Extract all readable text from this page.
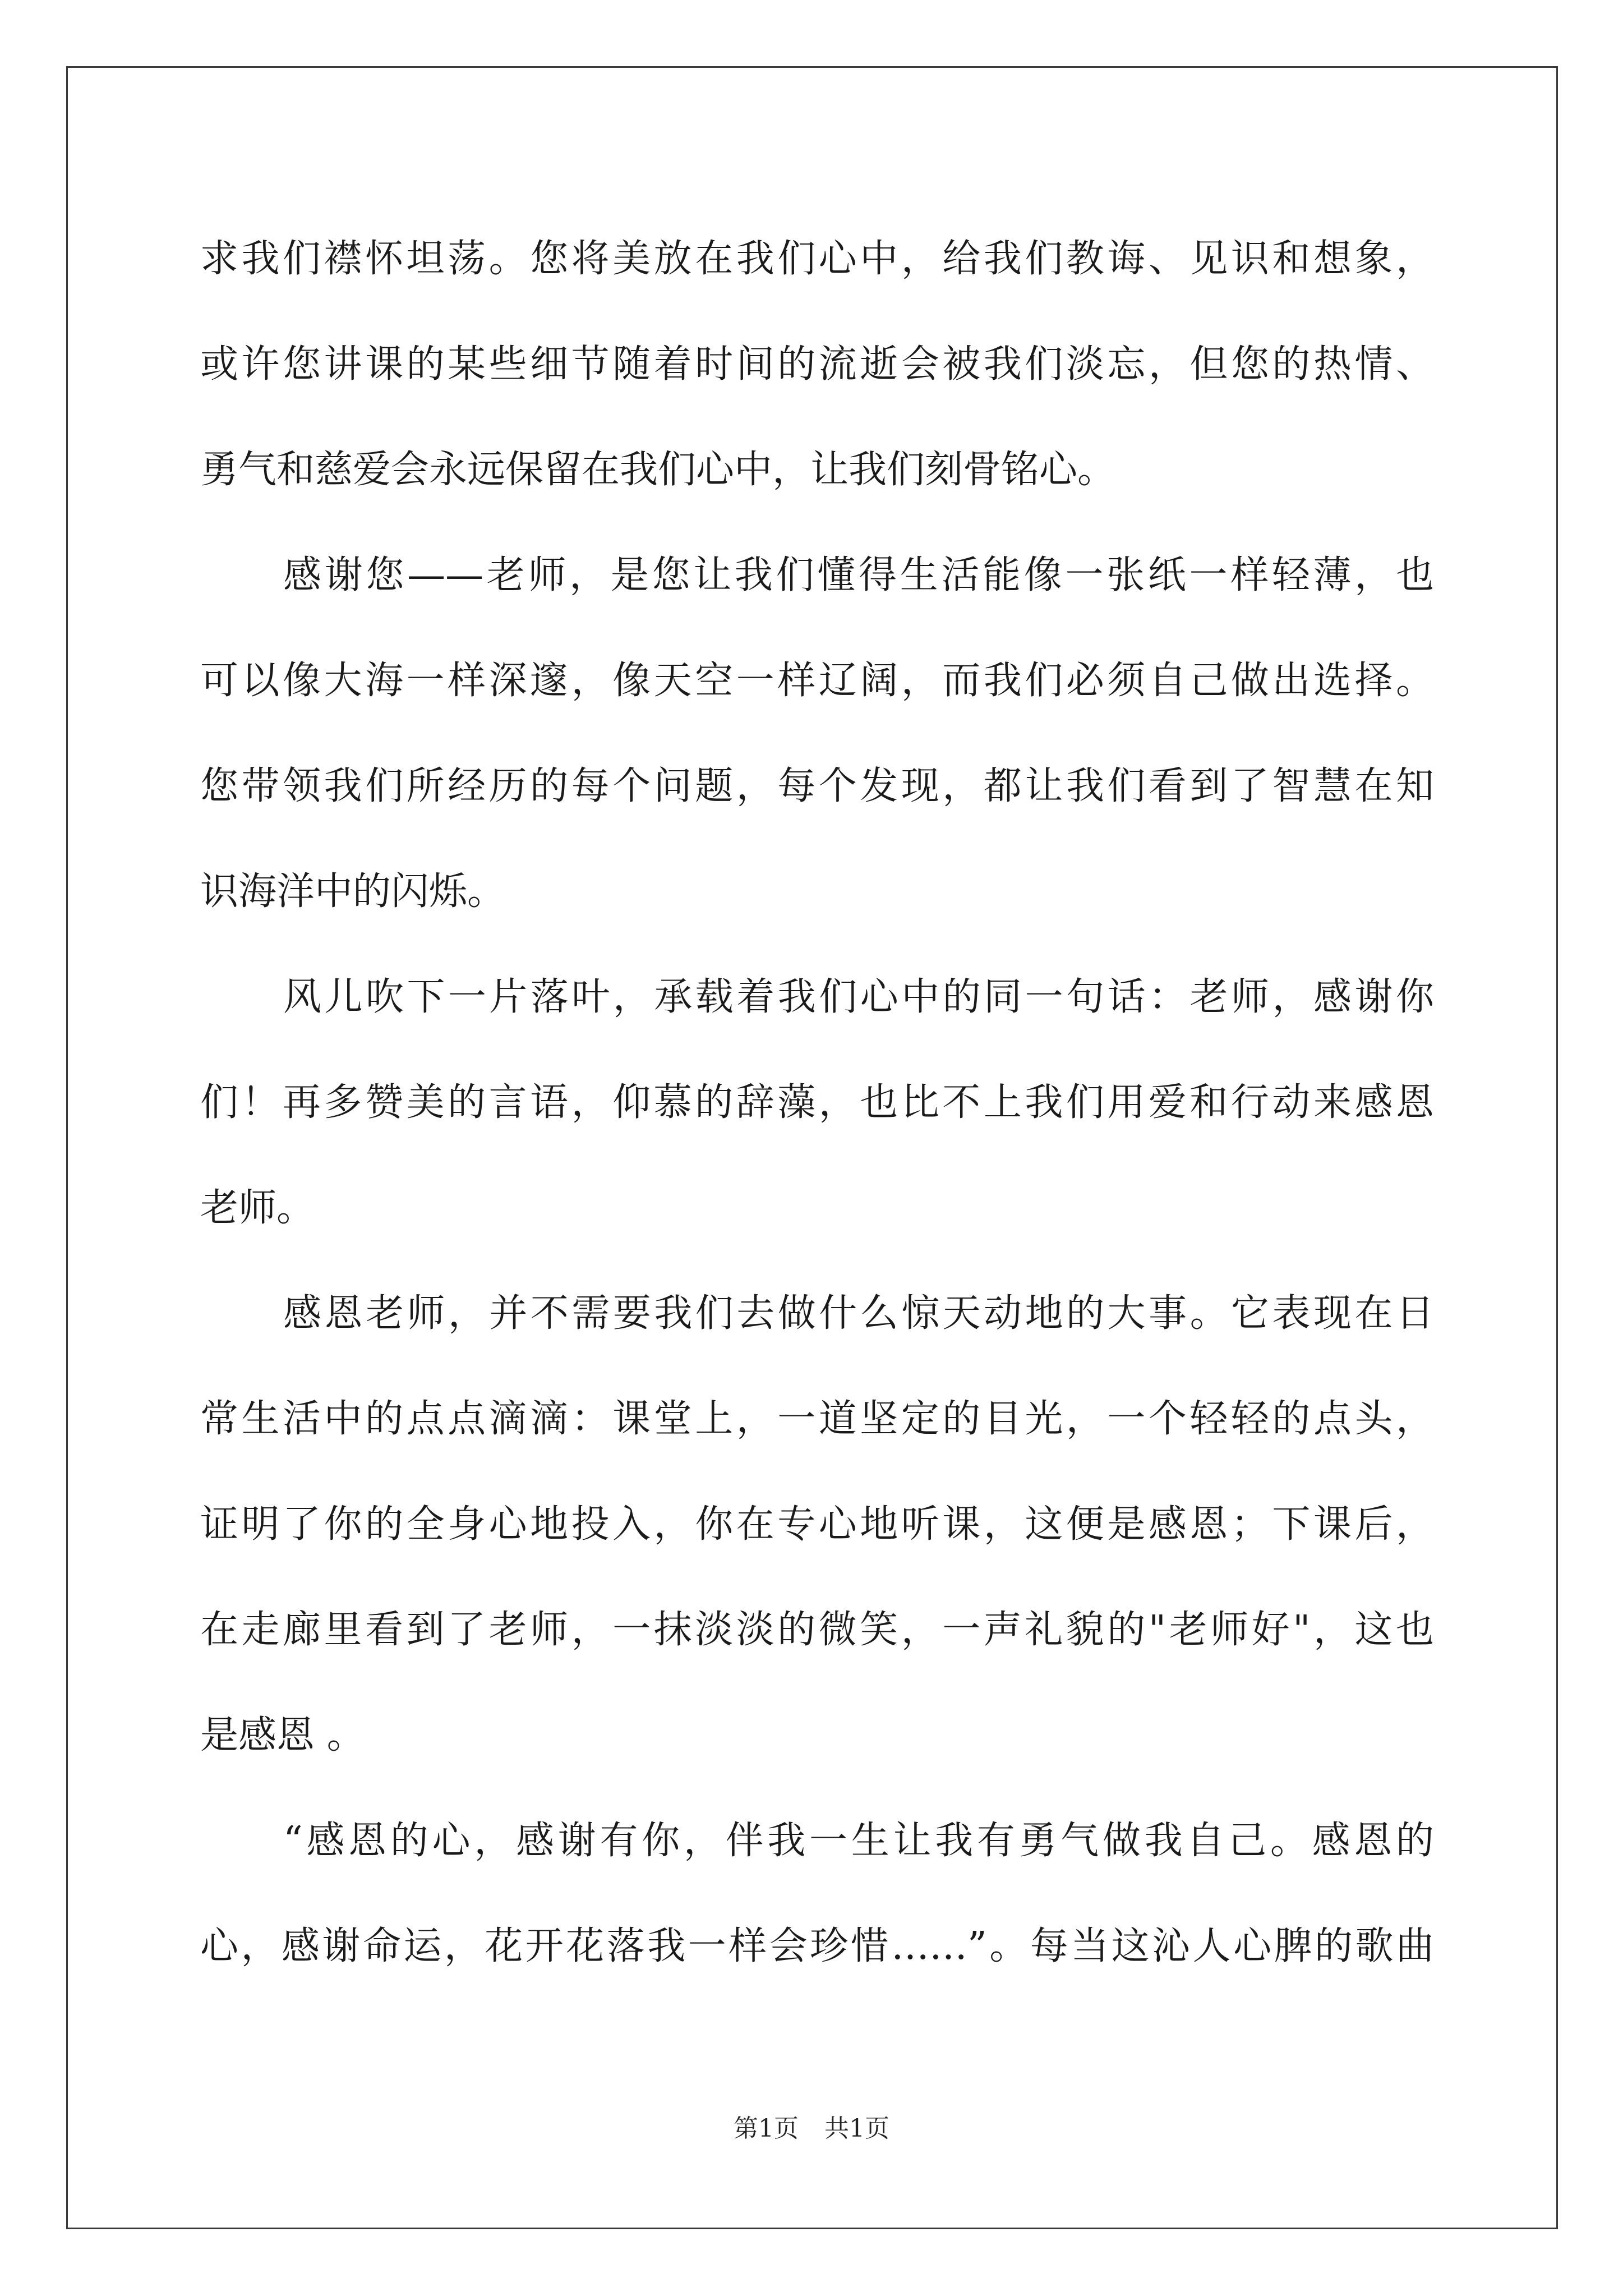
求我们襟怀坦荡。您将美放在我们心中，给我们教诲、见识和想象，
或许您讲课的某些细节随着时间的流逝会被我们淡忘，但您的热情、
勇气和慈爱会永远保留在我们心中，让我们刻骨铭心。
感谢您——老师，是您让我们懂得生活能像一张纸一样轻薄，也
可以像大海一样深邃，像天空一样辽阔，而我们必须自己做出选择。
您带领我们所经历的每个问题，每个发现，都让我们看到了智慧在知
识海洋中的闪烁。
风儿吹下一片落叶，承载着我们心中的同一句话：老师，感谢你
们！再多赞美的言语，仰慕的辞藻，也比不上我们用爱和行动来感恩
老师。
感恩老师，并不需要我们去做什么惊天动地的大事。它表现在日
常生活中的点点滴滴：课堂上，一道坚定的目光，一个轻轻的点头，
证明了你的全身心地投入，你在专心地听课，这便是感恩；下课后，
在走廊里看到了老师，一抹淡淡的微笑，一声礼貌的"老师好"，这也
是感恩 。
“感恩的心，感谢有你，伴我一生让我有勇气做我自己。感恩的
心，感谢命运，花开花落我一样会珍惜……”。每当这沁人心脾的歌曲
第1页 共1页
